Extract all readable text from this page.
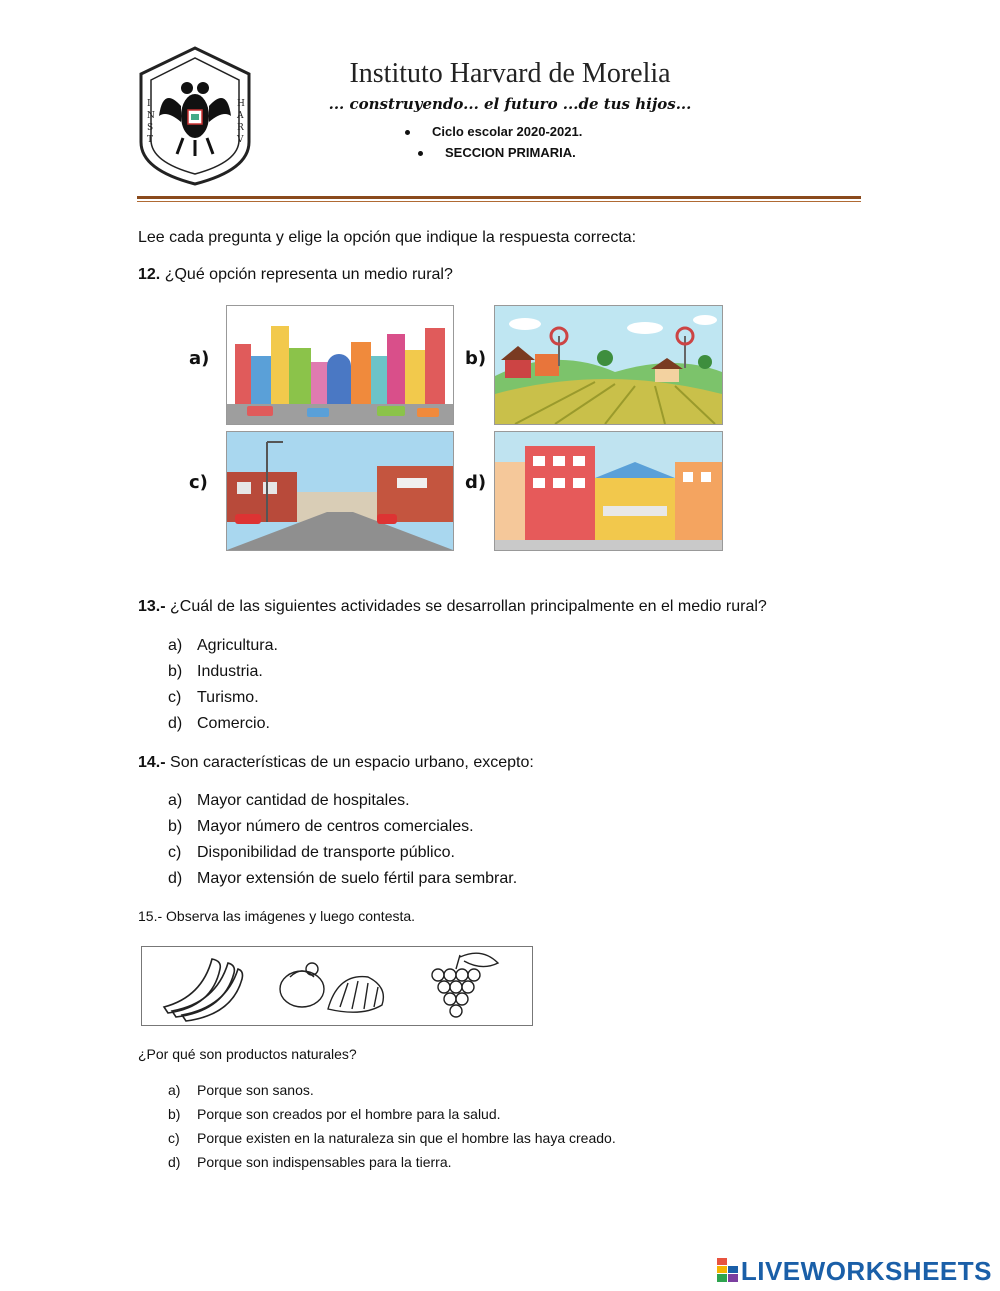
I
N
S
T
H
A
R
V
Instituto Harvard de Morelia
... construyendo... el futuro ...de tus hijos...
Ciclo escolar 2020-2021.
SECCION PRIMARIA.
Lee cada pregunta y elige la opción que indique la respuesta correcta:
12. ¿Qué opción representa un medio rural?
a)	b)
c)	d)
13.- ¿Cuál de las siguientes actividades se desarrollan principalmente en el medio rural?
a) Agricultura.
b) Industria.
c) Turismo.
d) Comercio.
14.- Son características de un espacio urbano, excepto:
a) Mayor cantidad de hospitales.
b) Mayor número de centros comerciales.
c) Disponibilidad de transporte público.
d) Mayor extensión de suelo fértil para sembrar.
15.- Observa las imágenes y luego contesta.
¿Por qué son productos naturales?
a) Porque son sanos.
b) Porque son creados por el hombre para la salud.
c) Porque existen en la naturaleza sin que el hombre las haya creado.
d) Porque son indispensables para la tierra.
LIVEWORKSHEETS
